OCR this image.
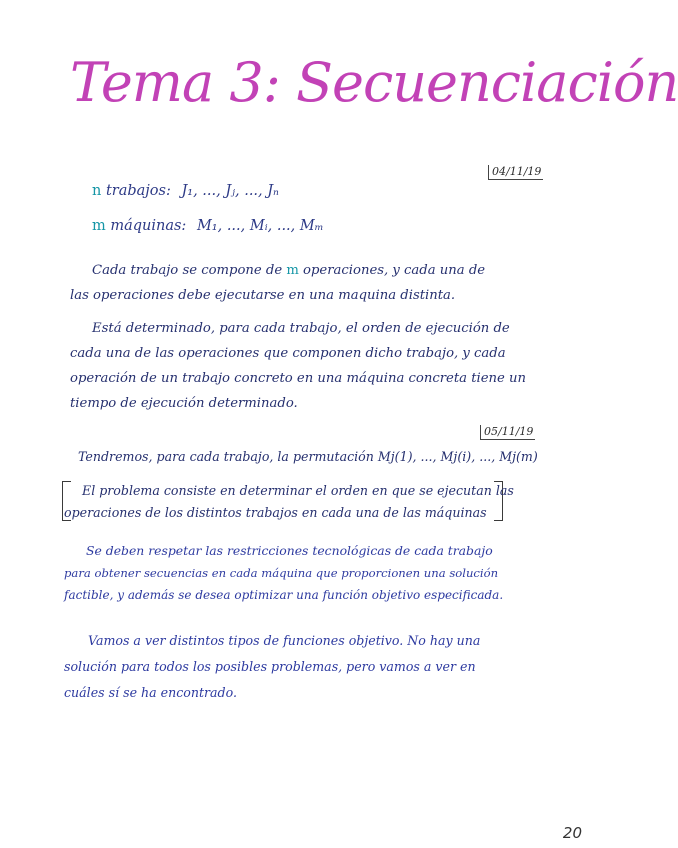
Tema 3: Secuenciación
04/11/19
n trabajos: J₁, ..., Jⱼ, ..., Jₙ
m máquinas: M₁, ..., Mᵢ, ..., Mₘ
Cada trabajo se compone de m operaciones, y cada una de
las operaciones debe ejecutarse en una maquina distinta.
Está determinado, para cada trabajo, el orden de ejecución de
cada una de las operaciones que componen dicho trabajo, y cada
operación de un trabajo concreto en una máquina concreta tiene un
tiempo de ejecución determinado.
05/11/19
Tendremos, para cada trabajo, la permutación Mj(1), ..., Mj(i), ..., Mj(m)
El problema consiste en determinar el orden en que se ejecutan las
operaciones de los distintos trabajos en cada una de las máquinas
Se deben respetar las restricciones tecnológicas de cada trabajo
para obtener secuencias en cada máquina que proporcionen una solución
factible, y además se desea optimizar una función objetivo especificada.
Vamos a ver distintos tipos de funciones objetivo. No hay una
solución para todos los posibles problemas, pero vamos a ver en
cuáles sí se ha encontrado.
20
